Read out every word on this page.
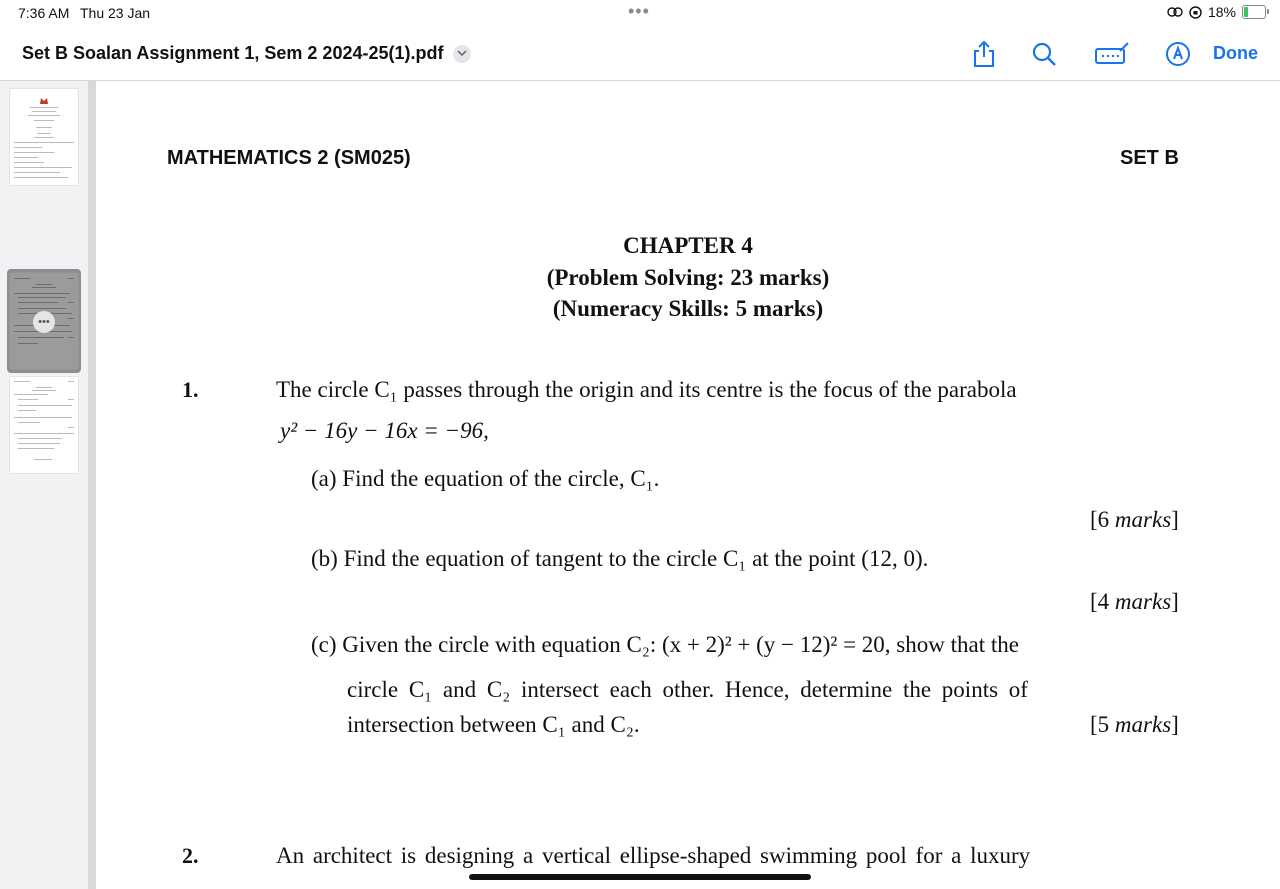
7:36 AM Thu 23 Jan	•••	18%
Set B Soalan Assignment 1, Sem 2 2024-25(1).pdf	Done
•••
MATHEMATICS 2 (SM025)	SET B
CHAPTER 4
(Problem Solving: 23 marks)
(Numeracy Skills: 5 marks)
1.	The circle C₁ passes through the origin and its centre is the focus of the parabola
y² − 16y − 16x = −96,
(a) Find the equation of the circle, C₁.
[6 marks]
(b) Find the equation of tangent to the circle C₁ at the point (12, 0).
[4 marks]
(c) Given the circle with equation C₂: (x + 2)² + (y − 12)² = 20, show that the
circle C₁ and C₂ intersect each other. Hence, determine the points of
intersection between C₁ and C₂.	[5 marks]
2.	An architect is designing a vertical ellipse-shaped swimming pool for a luxury
